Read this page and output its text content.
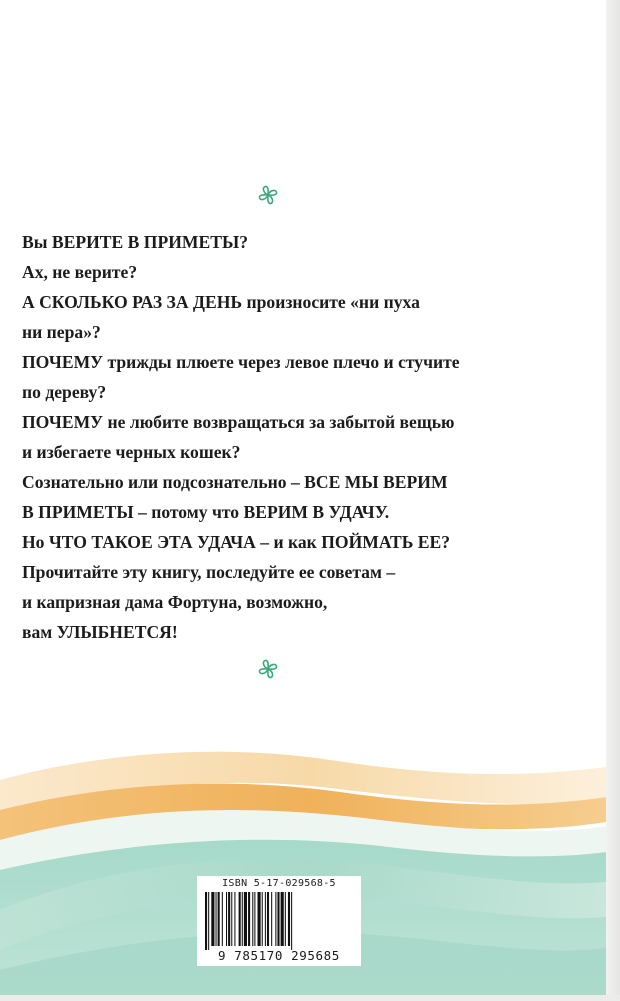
Вы ВЕРИТЕ В ПРИМЕТЫ?
Ах, не верите?
А СКОЛЬКО РАЗ ЗА ДЕНЬ произносите «ни пуха
ни пера»?
ПОЧЕМУ трижды плюете через левое плечо и стучите
по дереву?
ПОЧЕМУ не любите возвращаться за забытой вещью
и избегаете черных кошек?
Сознательно или подсознательно – ВСЕ МЫ ВЕРИМ
В ПРИМЕТЫ – потому что ВЕРИМ В УДАЧУ.
Но ЧТО ТАКОЕ ЭТА УДАЧА – и как ПОЙМАТЬ ЕЕ?
Прочитайте эту книгу, последуйте ее советам –
и капризная дама Фортуна, возможно,
вам УЛЫБНЕТСЯ!
ISBN 5-17-029568-5
9 785170 295685
